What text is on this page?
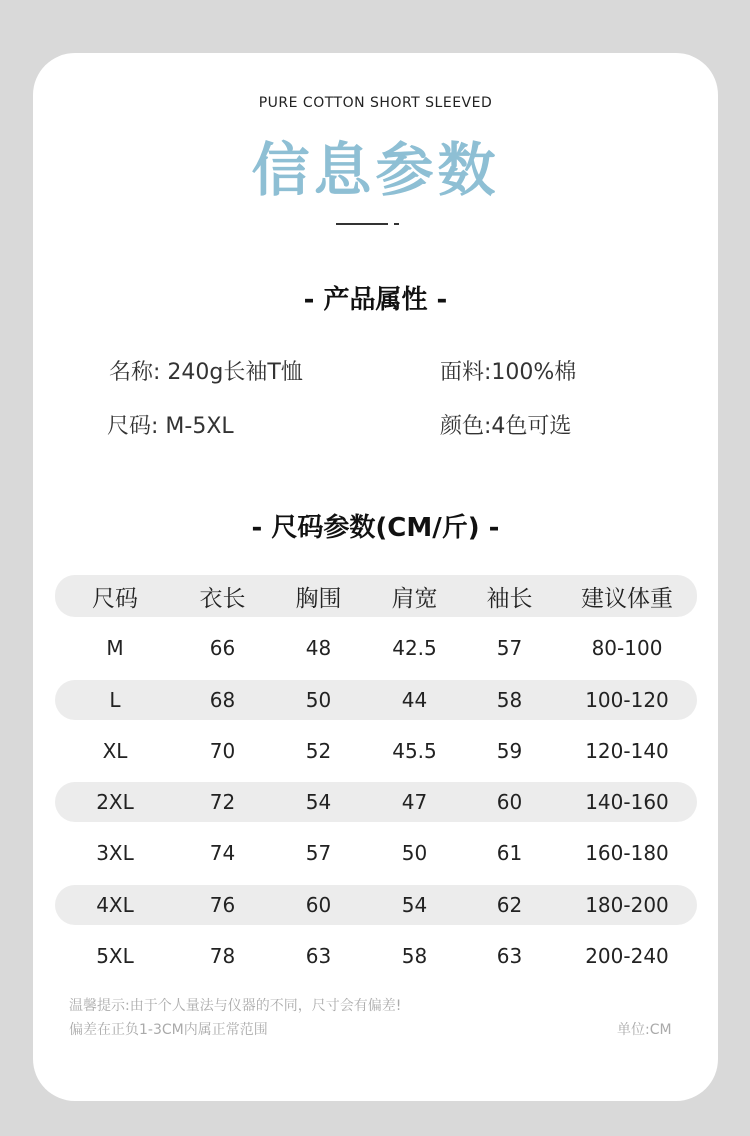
PURE COTTON SHORT SLEEVED
信息参数
- 产品属性 -
名称: 240g长袖T恤	面料:100%棉
尺码: M-5XL	颜色:4色可选
- 尺码参数(CM/斤) -
尺码	衣长	胸围	肩宽	袖长	建议体重
M	66	48	42.5	57	80-100
L	68	50	44	58	100-120
XL	70	52	45.5	59	120-140
2XL	72	54	47	60	140-160
3XL	74	57	50	61	160-180
4XL	76	60	54	62	180-200
5XL	78	63	58	63	200-240
温馨提示:由于个人量法与仪器的不同，尺寸会有偏差!
偏差在正负1-3CM内属正常范围	单位:CM
